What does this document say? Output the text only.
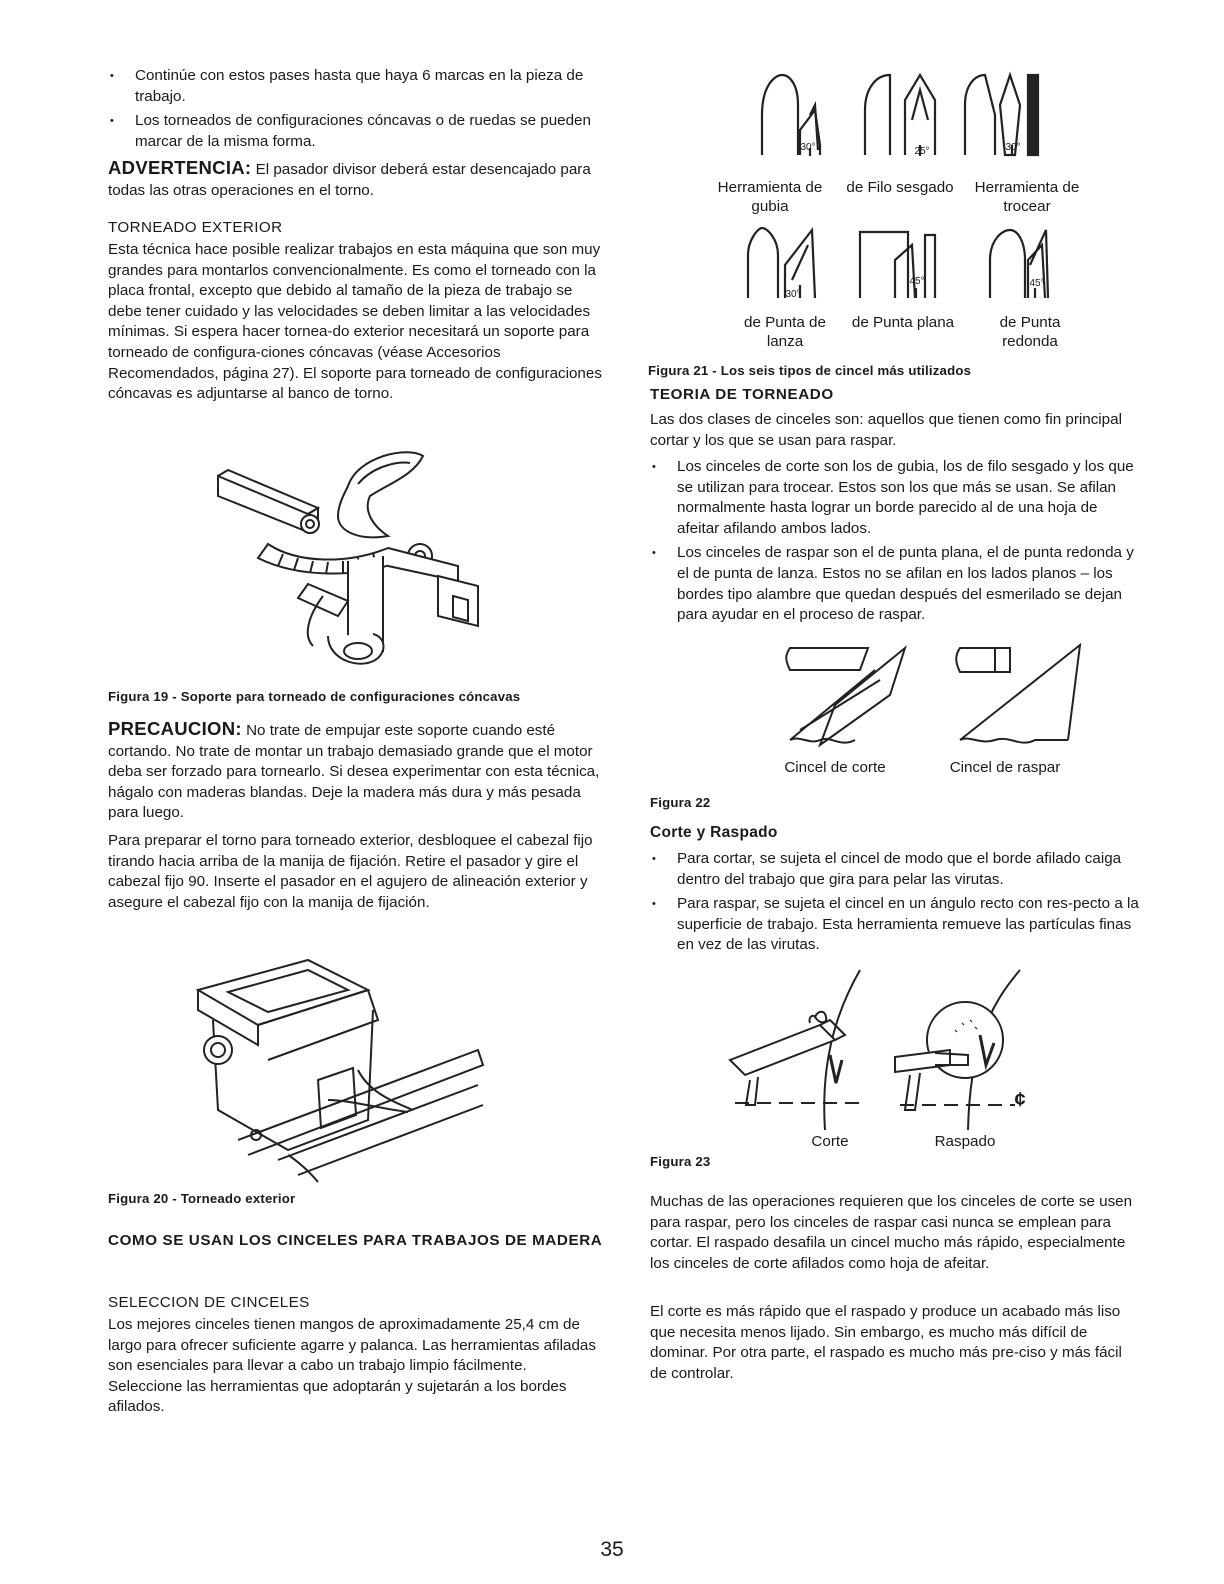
• Continúe con estos pases hasta que haya 6 marcas en la pieza de trabajo.
• Los torneados de configuraciones cóncavas o de ruedas se pueden marcar de la misma forma.

ADVERTENCIA: El pasador divisor deberá estar desencajado para todas las otras operaciones en el torno.

TORNEADO EXTERIOR

Esta técnica hace posible realizar trabajos en esta máquina que son muy grandes para montarlos convencionalmente. Es como el torneado con la placa frontal, excepto que debido al tamaño de la pieza de trabajo se debe tener cuidado y las velocidades se deben limitar a las velocidades mínimas. Si espera hacer tornea-do exterior necesitará un soporte para torneado de configura-ciones cóncavas (véase Accesorios Recomendados, página 27). El soporte para torneado de configuraciones cóncavas es adjuntarse al banco de torno.

Figura 19 - Soporte para torneado de configuraciones cóncavas

PRECAUCION: No trate de empujar este soporte cuando esté cortando. No trate de montar un trabajo demasiado grande que el motor deba ser forzado para tornearlo. Si desea experimentar con esta técnica, hágalo con maderas blandas. Deje la madera más dura y más pesada para luego.

Para preparar el torno para torneado exterior, desbloquee el cabezal fijo tirando hacia arriba de la manija de fijación. Retire el pasador y gire el cabezal fijo 90. Inserte el pasador en el agujero de alineación exterior y asegure el cabezal fijo con la manija de fijación.

Figura 20 - Torneado exterior

COMO SE USAN LOS CINCELES PARA TRABAJOS DE MADERA
SELECCION DE CINCELES

Los mejores cinceles tienen mangos de aproximadamente 25,4 cm de largo para ofrecer suficiente agarre y palanca. Las herramientas afiladas son esenciales para llevar a cabo un trabajo limpio fácilmente. Seleccione las herramientas que adoptarán y sujetarán a los bordes afilados.

30°	25°	30°
30°
45°	45°
Herramienta de gubia
de Filo sesgado	Herramienta de trocear
de Punta de lanza
de Punta plana	de Punta redonda

Figura 21 - Los seis tipos de cincel más utilizados

TEORIA DE TORNEADO

Las dos clases de cinceles son: aquellos que tienen como fin principal cortar y los que se usan para raspar.

• Los cinceles de corte son los de gubia, los de filo sesgado y los que se utilizan para trocear. Estos son los que más se usan. Se afilan normalmente hasta lograr un borde parecido al de una hoja de afeitar afilando ambos lados.
• Los cinceles de raspar son el de punta plana, el de punta redonda y el de punta de lanza. Estos no se afilan en los lados planos – los bordes tipo alambre que quedan después del esmerilado se dejan para ayudar en el proceso de raspar.
Cincel de corte	Cincel de raspar

Figura 22

Corte y Raspado
• Para cortar, se sujeta el cincel de modo que el borde afilado caiga dentro del trabajo que gira para pelar las virutas.
• Para raspar, se sujeta el cincel en un ángulo recto con res-pecto a la superficie de trabajo. Esta herramienta remueve las partículas finas en vez de las virutas.
¢
Corte	Raspado

Figura 23

Muchas de las operaciones requieren que los cinceles de corte se usen para raspar, pero los cinceles de raspar casi nunca se emplean para cortar. El raspado desafila un cincel mucho más rápido, especialmente los cinceles de corte afilados como hoja de afeitar.

El corte es más rápido que el raspado y produce un acabado más liso que necesita menos lijado. Sin embargo, es mucho más difícil de dominar. Por otra parte, el raspado es mucho más pre-ciso y más fácil de controlar.

35
